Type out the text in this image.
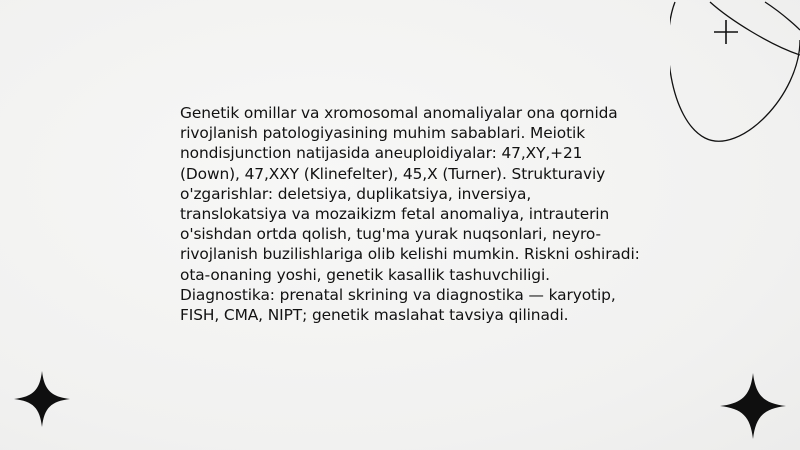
Genetik omillar va xromosomal anomaliyalar ona qornida rivojlanish patologiyasining muhim sabablari. Meiotik nondisjunction natijasida aneuploidiyalar: 47,XY,+21 (Down), 47,XXY (Klinefelter), 45,X (Turner). Strukturaviy o'zgarishlar: deletsiya, duplikatsiya, inversiya, translokatsiya va mozaikizm fetal anomaliya, intrauterin o'sishdan ortda qolish, tug'ma yurak nuqsonlari, neyro-rivojlanish buzilishlariga olib kelishi mumkin. Riskni oshiradi: ota-onaning yoshi, genetik kasallik tashuvchiligi. Diagnostika: prenatal skrining va diagnostika — karyotip, FISH, CMA, NIPT; genetik maslahat tavsiya qilinadi.
